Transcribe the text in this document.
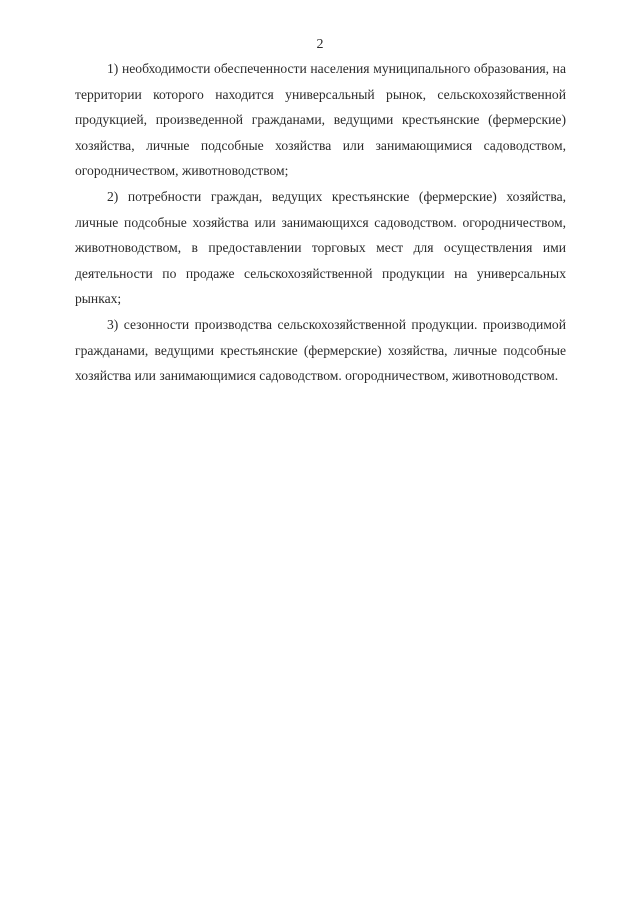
2

1) необходимости обеспеченности населения муниципального образования, на территории которого находится универсальный рынок, сельскохозяйственной продукцией, произведенной гражданами, ведущими крестьянские (фермерские) хозяйства, личные подсобные хозяйства или занимающимися садоводством, огородничеством, животноводством;

2) потребности граждан, ведущих крестьянские (фермерские) хозяйства, личные подсобные хозяйства или занимающихся садоводством. огородничеством, животноводством, в предоставлении торговых мест для осуществления ими деятельности по продаже сельскохозяйственной продукции на универсальных рынках;

3) сезонности производства сельскохозяйственной продукции. производимой гражданами, ведущими крестьянские (фермерские) хозяйства, личные подсобные хозяйства или занимающимися садоводством. огородничеством, животноводством.
